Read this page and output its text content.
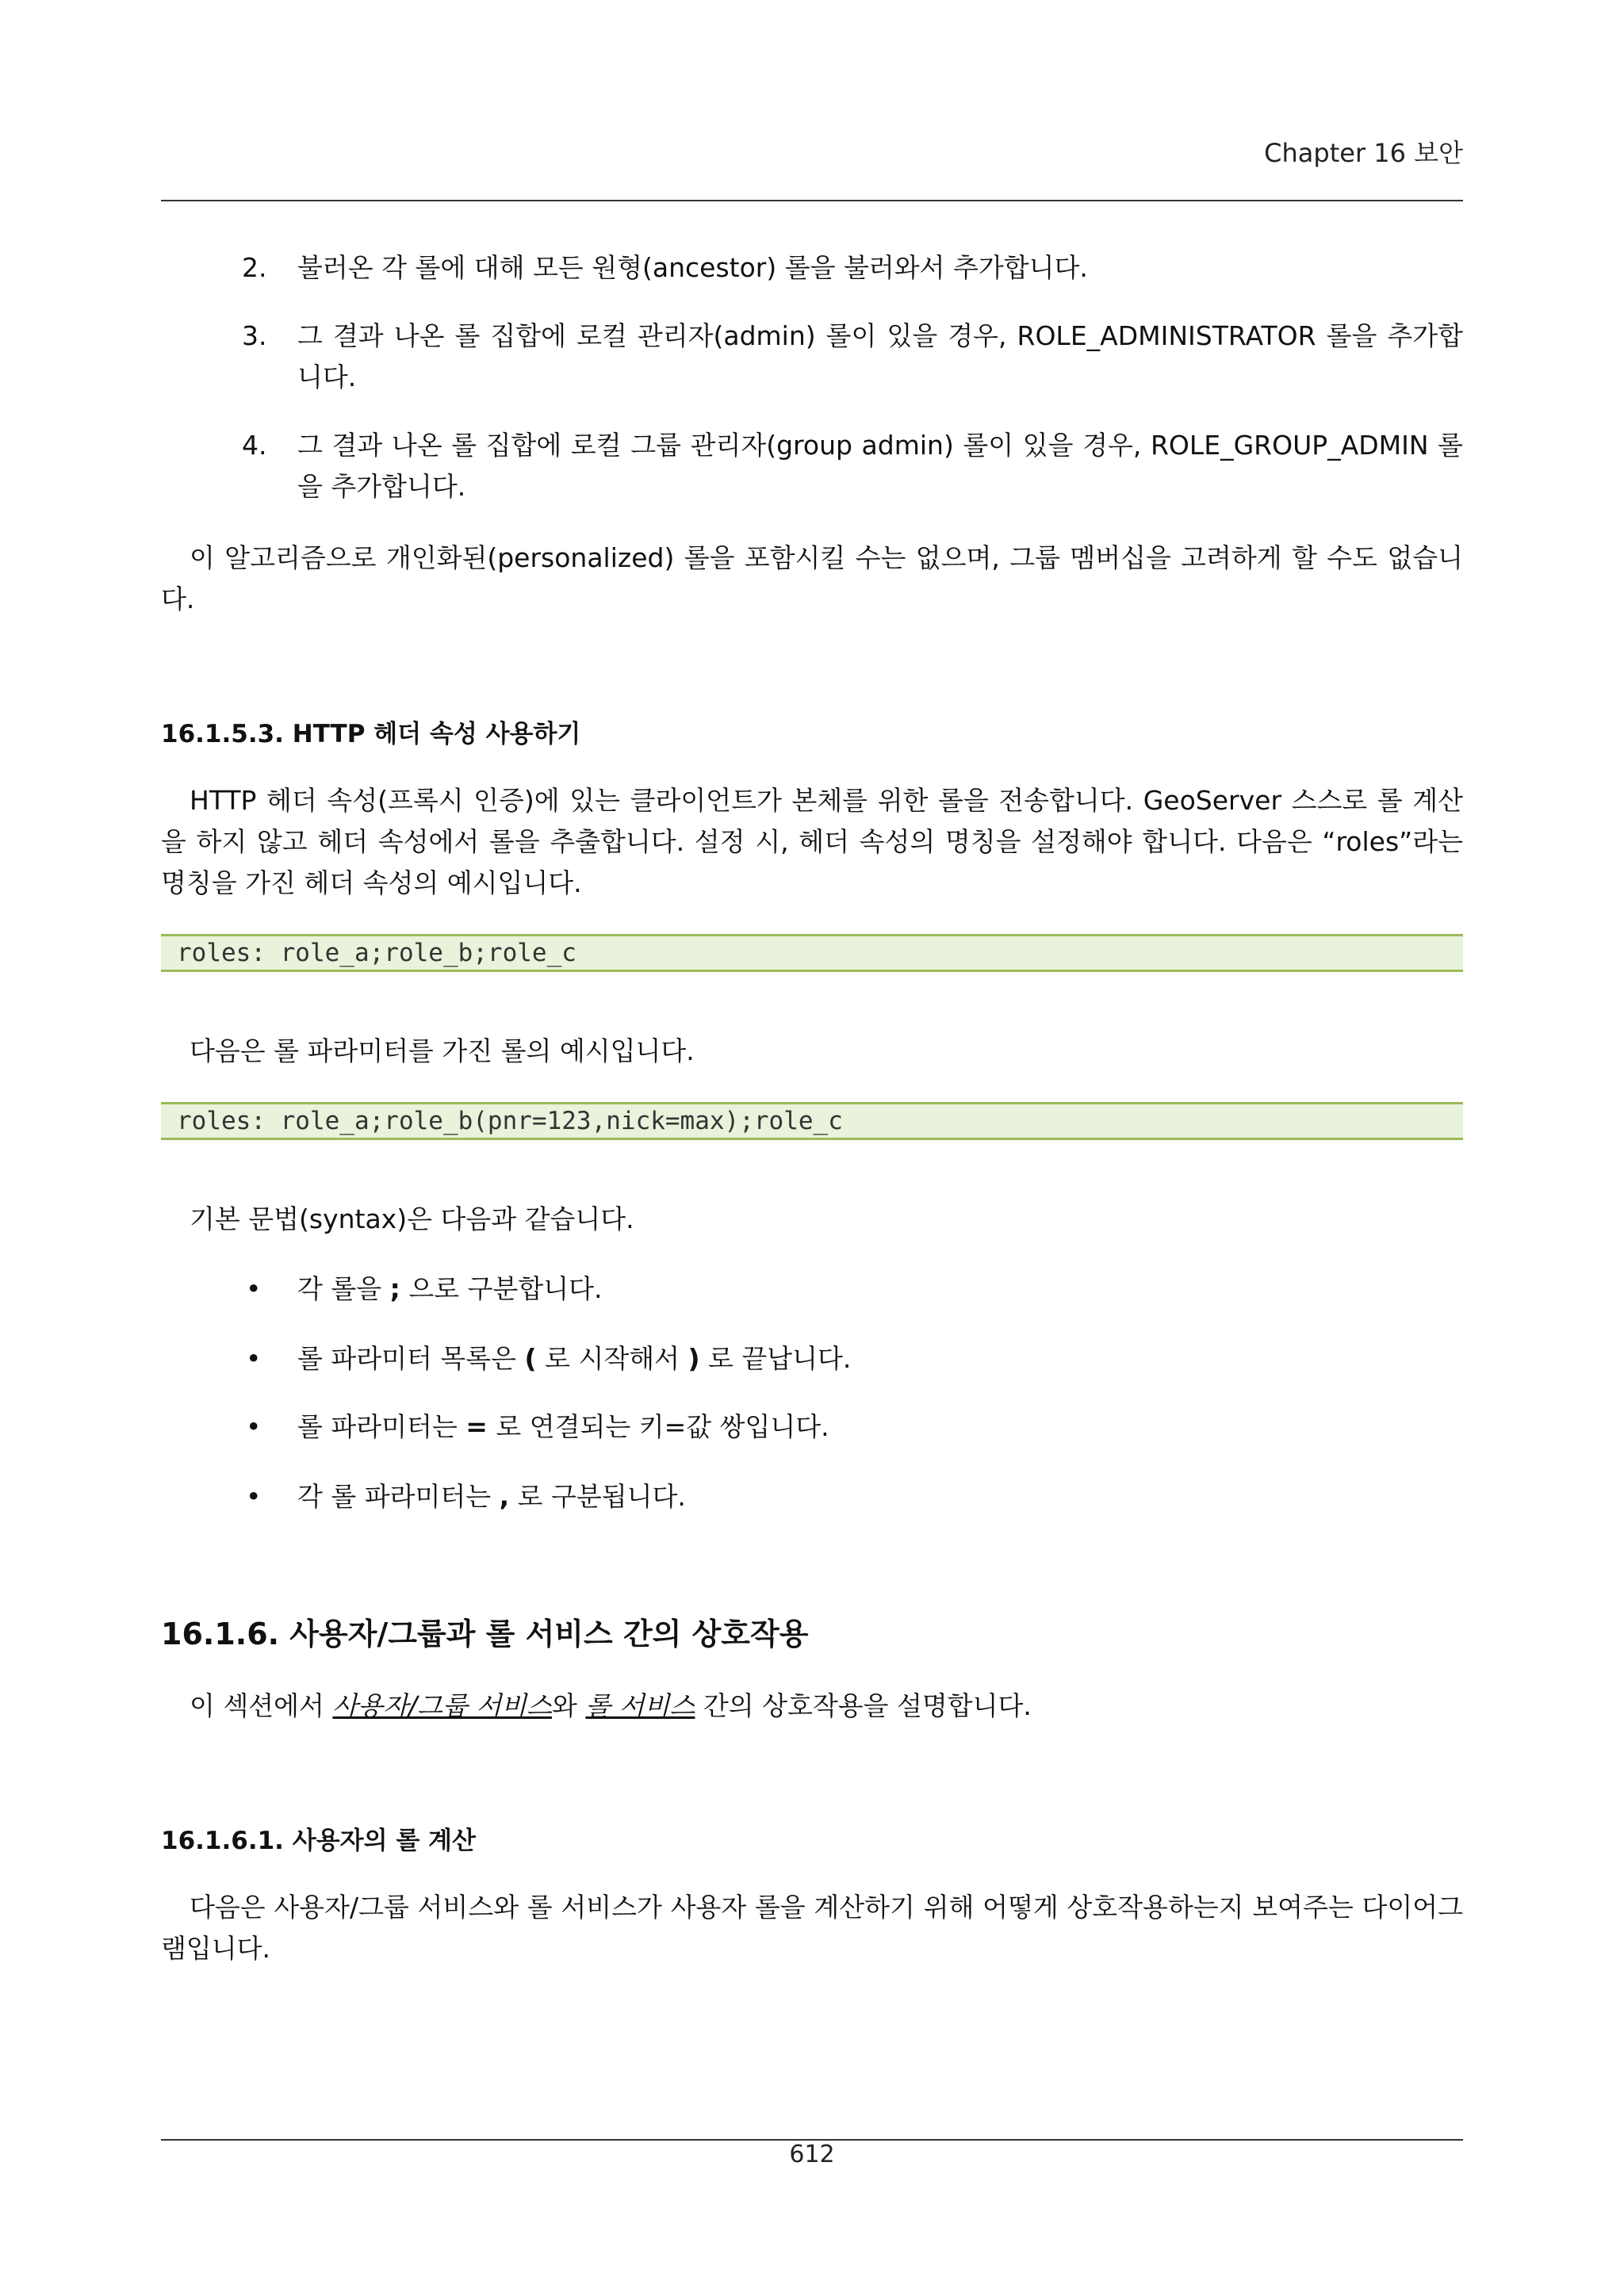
Chapter 16 보안
2. 불러온 각 롤에 대해 모든 원형(ancestor) 롤을 불러와서 추가합니다.
3. 그 결과 나온 롤 집합에 로컬 관리자(admin) 롤이 있을 경우, ROLE_ADMINISTRATOR 롤을 추가합니다.
4. 그 결과 나온 롤 집합에 로컬 그룹 관리자(group admin) 롤이 있을 경우, ROLE_GROUP_ADMIN 롤을 추가합니다.
이 알고리즘으로 개인화된(personalized) 롤을 포함시킬 수는 없으며, 그룹 멤버십을 고려하게 할 수도 없습니다.
16.1.5.3. HTTP 헤더 속성 사용하기
HTTP 헤더 속성(프록시 인증)에 있는 클라이언트가 본체를 위한 롤을 전송합니다. GeoServer 스스로 롤 계산을 하지 않고 헤더 속성에서 롤을 추출합니다. 설정 시, 헤더 속성의 명칭을 설정해야 합니다. 다음은 “roles”라는 명칭을 가진 헤더 속성의 예시입니다.
roles: role_a;role_b;role_c
다음은 롤 파라미터를 가진 롤의 예시입니다.
roles: role_a;role_b(pnr=123,nick=max);role_c
기본 문법(syntax)은 다음과 같습니다.
• 각 롤을 ; 으로 구분합니다.
• 롤 파라미터 목록은 ( 로 시작해서 ) 로 끝납니다.
• 롤 파라미터는 = 로 연결되는 키=값 쌍입니다.
• 각 롤 파라미터는 , 로 구분됩니다.
16.1.6. 사용자/그룹과 롤 서비스 간의 상호작용
이 섹션에서 사용자/그룹 서비스와 롤 서비스 간의 상호작용을 설명합니다.
16.1.6.1. 사용자의 롤 계산
다음은 사용자/그룹 서비스와 롤 서비스가 사용자 롤을 계산하기 위해 어떻게 상호작용하는지 보여주는 다이어그램입니다.
612
